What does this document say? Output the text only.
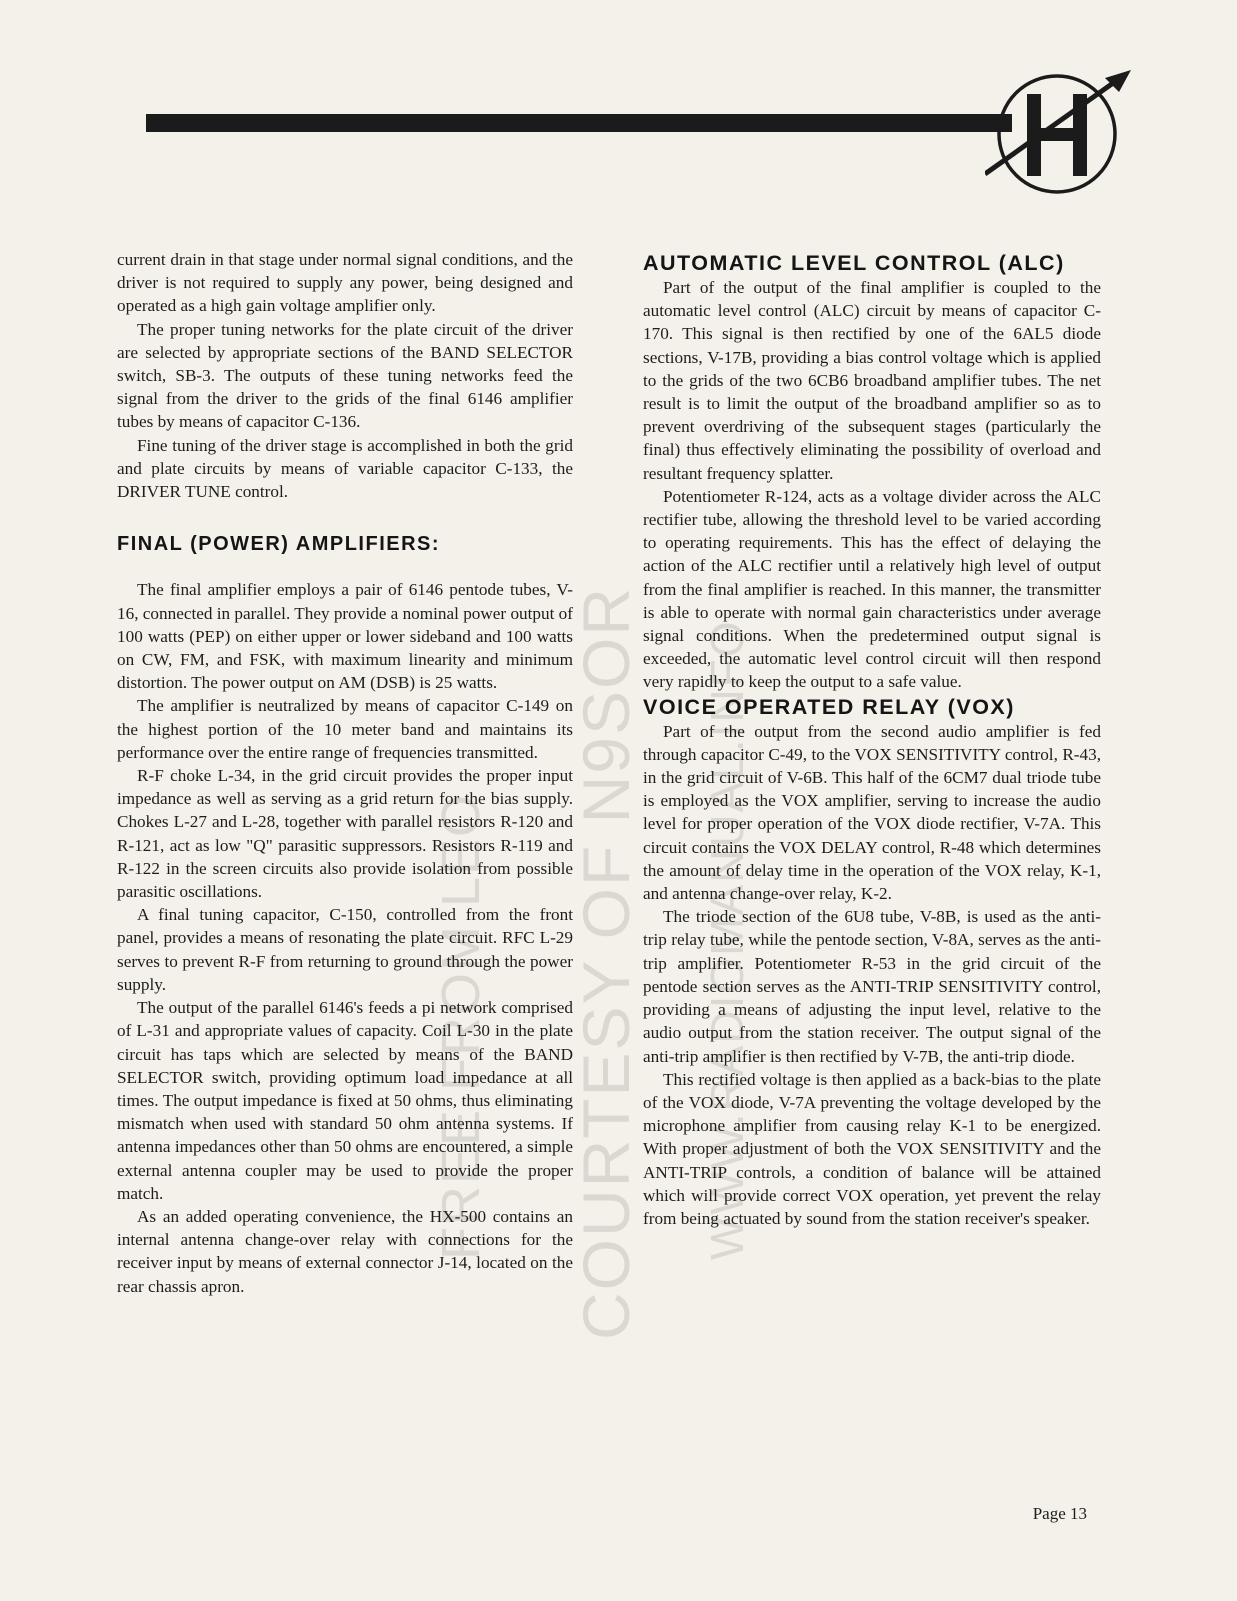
COURTESY OF N9SOR
FREE FROM LEO	WWW.RADIOMANUAL.INFO

current drain in that stage under normal signal conditions, and the driver is not required to supply any power, being designed and operated as a high gain voltage amplifier only.

The proper tuning networks for the plate circuit of the driver are selected by appropriate sections of the BAND SELECTOR switch, SB-3. The outputs of these tuning networks feed the signal from the driver to the grids of the final 6146 amplifier tubes by means of capacitor C-136.

Fine tuning of the driver stage is accomplished in both the grid and plate circuits by means of variable capacitor C-133, the DRIVER TUNE control.

FINAL (POWER) AMPLIFIERS:

The final amplifier employs a pair of 6146 pentode tubes, V-16, connected in parallel. They provide a nominal power output of 100 watts (PEP) on either upper or lower sideband and 100 watts on CW, FM, and FSK, with maximum linearity and minimum distortion. The power output on AM (DSB) is 25 watts.

The amplifier is neutralized by means of capacitor C-149 on the highest portion of the 10 meter band and maintains its performance over the entire range of frequencies transmitted.

R-F choke L-34, in the grid circuit provides the proper input impedance as well as serving as a grid return for the bias supply. Chokes L-27 and L-28, together with parallel resistors R-120 and R-121, act as low "Q" parasitic suppressors. Resistors R-119 and R-122 in the screen circuits also provide isolation from possible parasitic oscillations.

A final tuning capacitor, C-150, controlled from the front panel, provides a means of resonating the plate circuit. RFC L-29 serves to prevent R-F from returning to ground through the power supply.

The output of the parallel 6146's feeds a pi network comprised of L-31 and appropriate values of capacity. Coil L-30 in the plate circuit has taps which are selected by means of the BAND SELECTOR switch, providing optimum load impedance at all times. The output impedance is fixed at 50 ohms, thus eliminating mismatch when used with standard 50 ohm antenna systems. If antenna impedances other than 50 ohms are encountered, a simple external antenna coupler may be used to provide the proper match.

As an added operating convenience, the HX-500 contains an internal antenna change-over relay with connections for the receiver input by means of external connector J-14, located on the rear chassis apron.

AUTOMATIC LEVEL CONTROL (ALC)

Part of the output of the final amplifier is coupled to the automatic level control (ALC) circuit by means of capacitor C-170. This signal is then rectified by one of the 6AL5 diode sections, V-17B, providing a bias control voltage which is applied to the grids of the two 6CB6 broadband amplifier tubes. The net result is to limit the output of the broadband amplifier so as to prevent overdriving of the subsequent stages (particularly the final) thus effectively eliminating the possibility of overload and resultant frequency splatter.

Potentiometer R-124, acts as a voltage divider across the ALC rectifier tube, allowing the threshold level to be varied according to operating requirements. This has the effect of delaying the action of the ALC rectifier until a relatively high level of output from the final amplifier is reached. In this manner, the transmitter is able to operate with normal gain characteristics under average signal conditions. When the predetermined output signal is exceeded, the automatic level control circuit will then respond very rapidly to keep the output to a safe value.

VOICE OPERATED RELAY (VOX)

Part of the output from the second audio amplifier is fed through capacitor C-49, to the VOX SENSITIVITY control, R-43, in the grid circuit of V-6B. This half of the 6CM7 dual triode tube is employed as the VOX amplifier, serving to increase the audio level for proper operation of the VOX diode rectifier, V-7A. This circuit contains the VOX DELAY control, R-48 which determines the amount of delay time in the operation of the VOX relay, K-1, and antenna change-over relay, K-2.

The triode section of the 6U8 tube, V-8B, is used as the anti-trip relay tube, while the pentode section, V-8A, serves as the anti-trip amplifier. Potentiometer R-53 in the grid circuit of the pentode section serves as the ANTI-TRIP SENSITIVITY control, providing a means of adjusting the input level, relative to the audio output from the station receiver. The output signal of the anti-trip amplifier is then rectified by V-7B, the anti-trip diode.

This rectified voltage is then applied as a back-bias to the plate of the VOX diode, V-7A preventing the voltage developed by the microphone amplifier from causing relay K-1 to be energized. With proper adjustment of both the VOX SENSITIVITY and the ANTI-TRIP controls, a condition of balance will be attained which will provide correct VOX operation, yet prevent the relay from being actuated by sound from the station receiver's speaker.

Page 13
